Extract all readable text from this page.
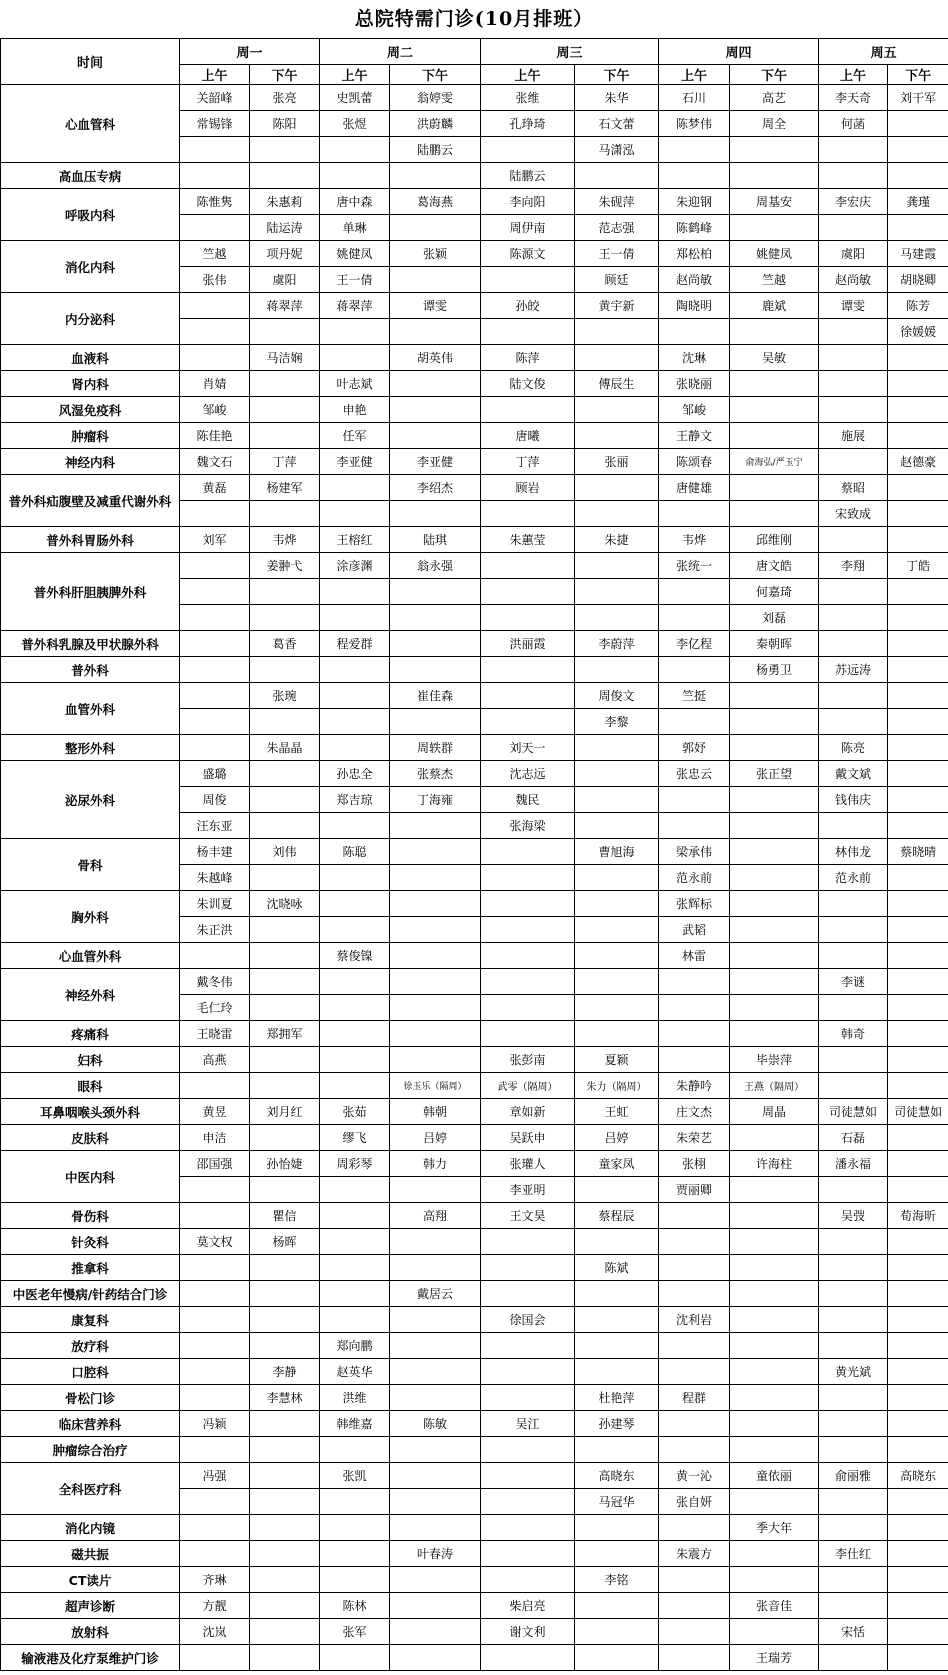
总院特需门诊(10月排班）
时间	周一		周二		周三		周四		周五	
	上午	下午	上午	下午	上午	下午	上午	下午	上午	下午
心血管科	关韶峰	张亮	史凯蕾	翁婷雯	张维	朱华	石川	高艺	李天奇	刘干军
	常锡锋	陈阳	张煜	洪蔚麟	孔琤琦	石文蕾	陈梦伟	周全	何菡	
				陆鹏云		马潇泓				
高血压专病					陆鹏云					
呼吸内科	陈惟隽	朱惠莉	唐中森	葛海燕	李向阳	朱砚萍	朱迎钢	周基安	李宏庆	龚瑾
		陆运涛	单琳		周伊南	范志强	陈鹤峰			
消化内科	竺越	项丹妮	姚健凤	张颖	陈源文	王一倩	郑松柏	姚健凤	虞阳	马建霞
	张伟	虞阳	王一倩			顾廷	赵尚敏	竺越	赵尚敏	胡晓卿
内分泌科		蒋翠萍	蒋翠萍	谭雯	孙皎	黄宇新	陶晓明	鹿斌	谭雯	陈芳
										徐媛媛
血液科		马洁娴		胡英伟	陈萍		沈琳	吴敏		
肾内科	肖婧		叶志斌		陆文俊	傅辰生	张晓丽			
风湿免疫科	邹峻		申艳				邹峻			
肿瘤科	陈佳艳		任军		唐曦		王静文		施展	
神经内科	魏文石	丁萍	李亚健	李亚健	丁萍	张丽	陈颂春	俞海弘/严玉宁		赵德豪
普外科疝腹壁及减重代谢外科	黄磊	杨建军		李绍杰	顾岩		唐健雄		蔡昭	
									宋致成	
普外科胃肠外科	刘军	韦烨	王榕红	陆琪	朱蕙莹	朱捷	韦烨	邱维刚		
普外科肝胆胰脾外科		姜翀弋	涂彦渊	翁永强			张统一	唐文皓	李翔	丁皓
								何嘉琦		
								刘磊		
普外科乳腺及甲状腺外科		葛香	程爱群		洪丽霞	李蔚萍	李亿程	秦朝晖		
普外科								杨勇卫	苏远涛	
血管外科		张琬		崔佳森		周俊文	竺挺			
						李黎				
整形外科		朱晶晶		周轶群	刘天一		郭妤		陈亮	
泌尿外科	盛璐		孙忠全	张蔡杰	沈志远		张忠云	张正望	戴文斌	
	周俊		郑吉琼	丁海雍	魏民				钱伟庆	
	汪东亚				张海梁					
骨科	杨丰建	刘伟	陈聪			曹旭海	梁承伟		林伟龙	蔡晓晴
	朱越峰						范永前		范永前	
胸外科	朱训夏	沈晓咏					张辉标			
	朱正洪						武韬			
心血管外科			蔡俊镍				林雷			
神经外科	戴冬伟								李谜	
	毛仁玲									
疼痛科	王晓雷	郑拥军							韩奇	
妇科	高燕				张彭南	夏颖		毕崇萍		
眼科				徐玉乐（隔周）	武零（隔周）	朱力（隔周）	朱静吟	王燕（隔周）		
耳鼻咽喉头颈外科	黄昱	刘月红	张茹	韩朝	章如新	王虹	庄文杰	周晶	司徒慧如	司徒慧如
皮肤科	申洁		缪飞	吕婷	吴跃申	吕婷	朱荣艺		石磊	
中医内科	邵国强	孙怡婕	周彩琴	韩力	张瓘人	童家凤	张栩	许海柱	潘永福	
					李亚明		贾丽卿			
骨伤科		瞿信		高翔	王文昊	蔡程辰			吴弢	荀海昕
针灸科	莫文权	杨晖								
推拿科						陈斌				
中医老年慢病/针药结合门诊				戴居云						
康复科					徐国会		沈利岩			
放疗科			郑向鹏							
口腔科		李静	赵英华						黄光斌	
骨松门诊		李慧林	洪维			杜艳萍	程群			
临床营养科	冯颖		韩维嘉	陈敏	吴江	孙建琴				
肿瘤综合治疗										
全科医疗科	冯强		张凯			高晓东	黄一沁	童依丽	俞丽雅	高晓东
						马冠华	张自妍			
消化内镜								季大年		
磁共振				叶春涛			朱震方		李仕红	
CT读片	齐琳					李铭				
超声诊断	方靓		陈林		柴启亮			张音佳		
放射科	沈岚		张军		谢文利				宋恬	
输液港及化疗泵维护门诊								王瑞芳		
